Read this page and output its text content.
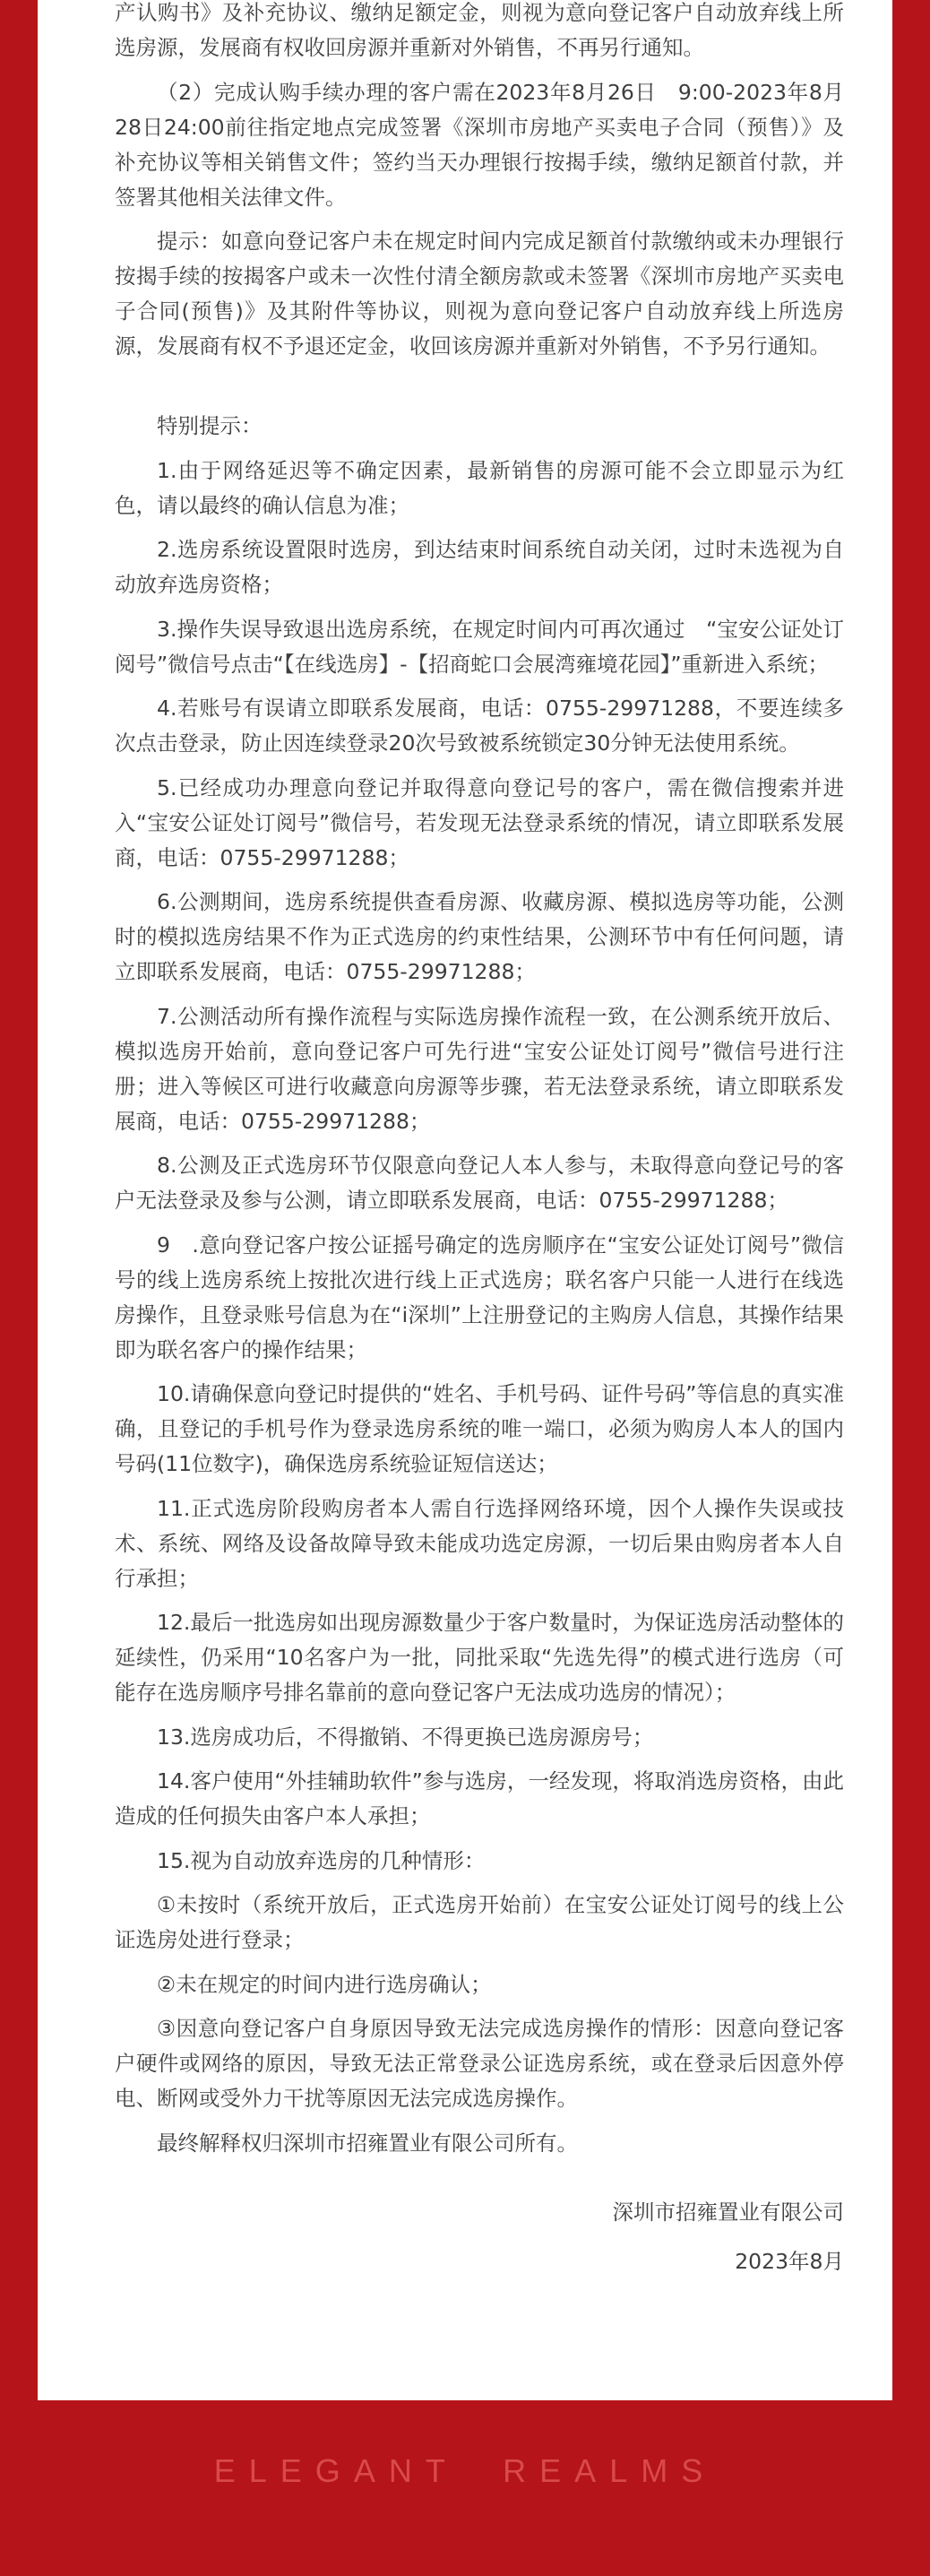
产认购书》及补充协议、缴纳足额定金，则视为意向登记客户自动放弃线上所选房源，发展商有权收回房源并重新对外销售，不再另行通知。

（2）完成认购手续办理的客户需在2023年8月26日　9:00-2023年8月28日24:00前往指定地点完成签署《深圳市房地产买卖电子合同（预售）》及补充协议等相关销售文件；签约当天办理银行按揭手续，缴纳足额首付款，并签署其他相关法律文件。

提示：如意向登记客户未在规定时间内完成足额首付款缴纳或未办理银行按揭手续的按揭客户或未一次性付清全额房款或未签署《深圳市房地产买卖电子合同(预售)》及其附件等协议，则视为意向登记客户自动放弃线上所选房源，发展商有权不予退还定金，收回该房源并重新对外销售，不予另行通知。

特别提示：

1.由于网络延迟等不确定因素，最新销售的房源可能不会立即显示为红色，请以最终的确认信息为准；

2.选房系统设置限时选房，到达结束时间系统自动关闭，过时未选视为自动放弃选房资格；

3.操作失误导致退出选房系统，在规定时间内可再次通过　“宝安公证处订阅号”微信号点击“【在线选房】-【招商蛇口会展湾雍境花园】”重新进入系统；

4.若账号有误请立即联系发展商，电话：0755-29971288，不要连续多次点击登录，防止因连续登录20次号致被系统锁定30分钟无法使用系统。

5.已经成功办理意向登记并取得意向登记号的客户，需在微信搜索并进入“宝安公证处订阅号”微信号，若发现无法登录系统的情况，请立即联系发展商，电话：0755-29971288；

6.公测期间，选房系统提供查看房源、收藏房源、模拟选房等功能，公测时的模拟选房结果不作为正式选房的约束性结果，公测环节中有任何问题，请立即联系发展商，电话：0755-29971288；

7.公测活动所有操作流程与实际选房操作流程一致，在公测系统开放后、模拟选房开始前，意向登记客户可先行进“宝安公证处订阅号”微信号进行注册；进入等候区可进行收藏意向房源等步骤，若无法登录系统，请立即联系发展商，电话：0755-29971288；

8.公测及正式选房环节仅限意向登记人本人参与，未取得意向登记号的客户无法登录及参与公测，请立即联系发展商，电话：0755-29971288；

9　.意向登记客户按公证摇号确定的选房顺序在“宝安公证处订阅号”微信号的线上选房系统上按批次进行线上正式选房；联名客户只能一人进行在线选房操作，且登录账号信息为在“i深圳”上注册登记的主购房人信息，其操作结果即为联名客户的操作结果；

10.请确保意向登记时提供的“姓名、手机号码、证件号码”等信息的真实准确，且登记的手机号作为登录选房系统的唯一端口，必须为购房人本人的国内号码(11位数字)，确保选房系统验证短信送达；

11.正式选房阶段购房者本人需自行选择网络环境，因个人操作失误或技术、系统、网络及设备故障导致未能成功选定房源，一切后果由购房者本人自行承担；

12.最后一批选房如出现房源数量少于客户数量时，为保证选房活动整体的延续性，仍采用“10名客户为一批，同批采取“先选先得”的模式进行选房（可能存在选房顺序号排名靠前的意向登记客户无法成功选房的情况）；

13.选房成功后，不得撤销、不得更换已选房源房号；

14.客户使用“外挂辅助软件”参与选房，一经发现，将取消选房资格，由此造成的任何损失由客户本人承担；

15.视为自动放弃选房的几种情形：

①未按时（系统开放后，正式选房开始前）在宝安公证处订阅号的线上公证选房处进行登录；

②未在规定的时间内进行选房确认；

③因意向登记客户自身原因导致无法完成选房操作的情形：因意向登记客户硬件或网络的原因，导致无法正常登录公证选房系统，或在登录后因意外停电、断网或受外力干扰等原因无法完成选房操作。

最终解释权归深圳市招雍置业有限公司所有。

深圳市招雍置业有限公司

2023年8月

ELEGANT  REALMS
